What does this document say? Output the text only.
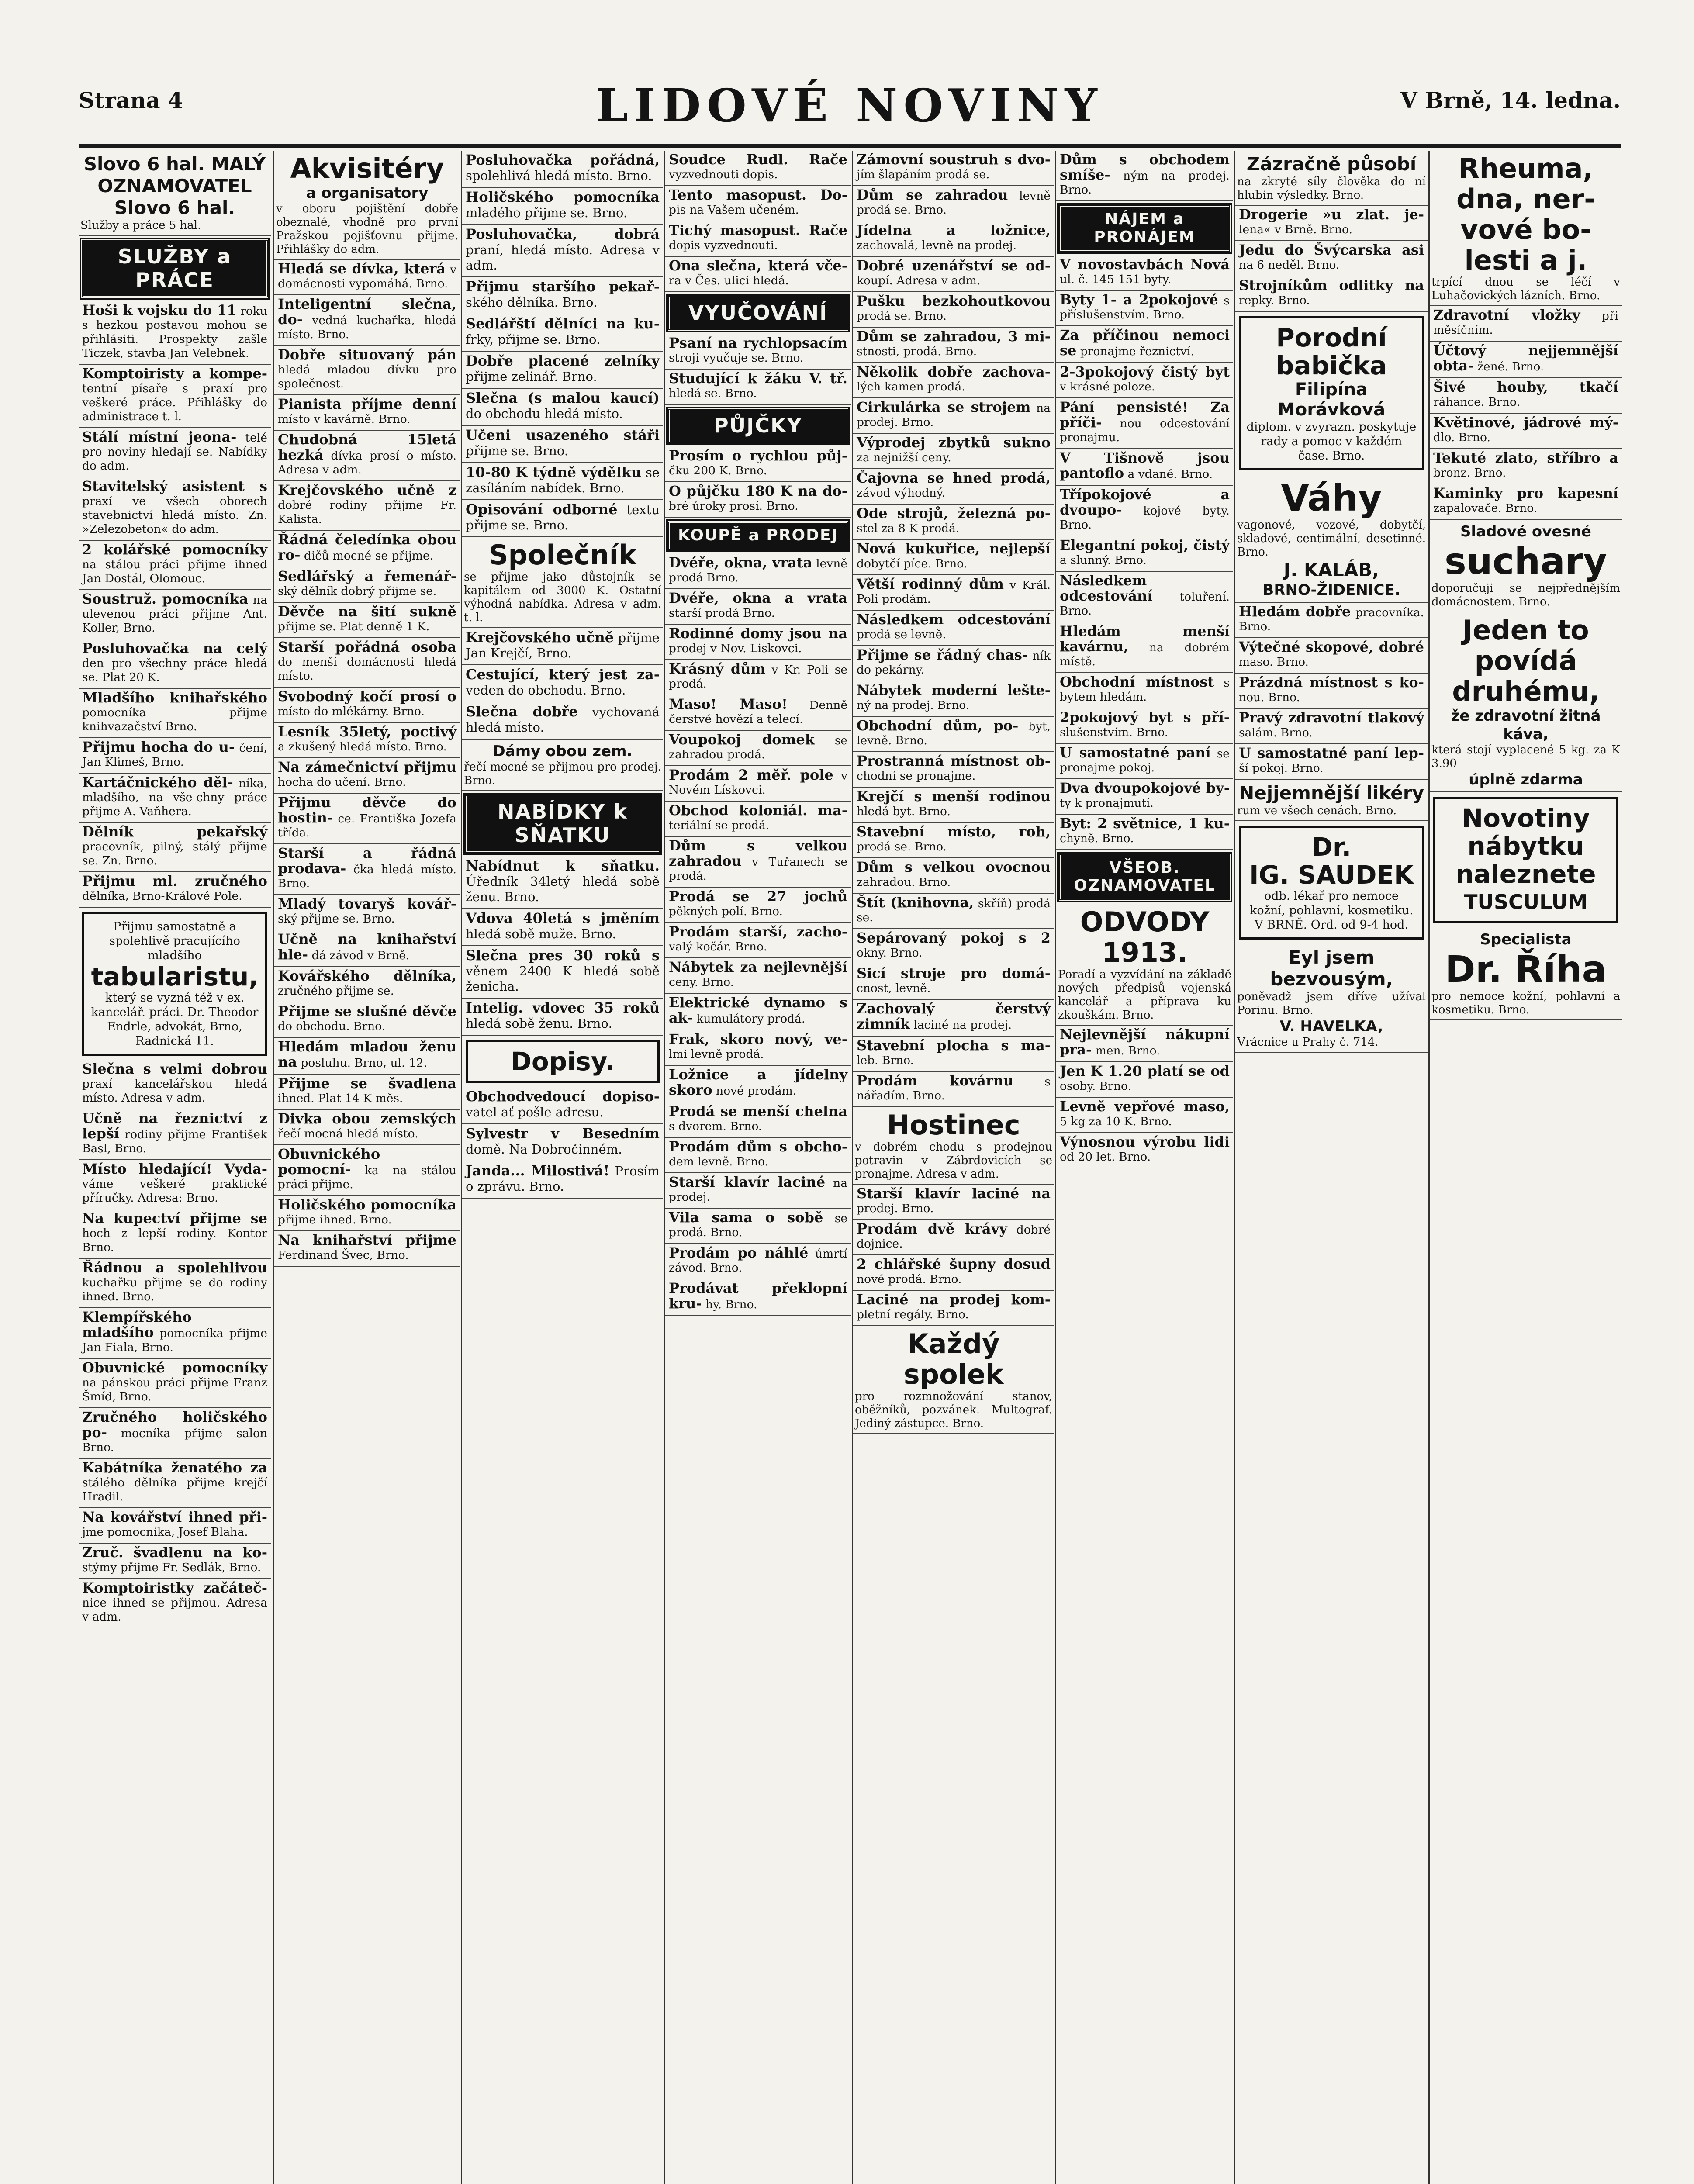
Strana 4	LIDOVÉ NOVINY	V Brně, 14. ledna.
Slovo 6 hal. MALÝ OZNAMOVATEL Slovo 6 hal.
Služby a práce 5 hal.
SLUŽBY a PRÁCE
Hoši k vojsku do 11 roku s hezkou postavou mohou se přihlásiti. Prospekty zašle Ticzek, stavba Jan Velebnek.
Komptoiristy a kompe- tentní písaře s praxí pro veškeré práce. Přihlášky do administrace t. l.
Stálí místní jeona- telé pro noviny hledají se. Nabídky do adm.
Stavitelský asistent s praxí ve všech oborech stavebnictví hledá místo. Zn. »Zelezobeton« do adm.
2 kolářské pomocníky na stálou práci přijme ihned Jan Dostál, Olomouc.
Soustruž. pomocníka na ulevenou práci přijme Ant. Koller, Brno.
Posluhovačka na celý den pro všechny práce hledá se. Plat 20 K.
Mladšího knihařského pomocníka přijme knihvazačství Brno.
Přijmu hocha do u- čení, Jan Klimeš, Brno.
Kartáčnického děl- níka, mladšího, na vše-chny práce přijme A. Vaňhera.
Dělník pekařský pracovník, pilný, stálý přijme se. Zn. Brno.
Přijmu ml. zručného dělníka, Brno-Králové Pole.
Přijmu samostatně a spolehlivě pracujícího mladšího
tabularistu,
který se vyzná též v ex. kancelář. práci. Dr. Theodor Endrle, advokát, Brno, Radnická 11.
Slečna s velmi dobrou praxí kancelářskou hledá místo. Adresa v adm.
Učně na řeznictví z lepší rodiny přijme František Basl, Brno.
Místo hledající! Vyda- váme veškeré praktické příručky. Adresa: Brno.
Na kupectví přijme se hoch z lepší rodiny. Kontor Brno.
Řádnou a spolehlivou kuchařku přijme se do rodiny ihned. Brno.
Klempířského mladšího pomocníka přijme Jan Fiala, Brno.
Obuvnické pomocníky na pánskou práci přijme Franz Šmíd, Brno.
Zručného holičského po- mocníka přijme salon Brno.
Kabátníka ženatého za stálého dělníka přijme krejčí Hradil.
Na kovářství ihned při- jme pomocníka, Josef Blaha.
Zruč. švadlenu na ko- stýmy přijme Fr. Sedlák, Brno.
Komptoiristky začáteč- nice ihned se přijmou. Adresa v adm.
Akvisitéry
a organisatory
v oboru pojištění dobře obeznalé, vhodně pro první Pražskou pojišťovnu přijme. Přihlášky do adm.
Hledá se dívka, která v domácnosti vypomáhá. Brno.
Inteligentní slečna, do- vedná kuchařka, hledá místo. Brno.
Dobře situovaný pán hledá mladou dívku pro společnost.
Pianista příjme denní místo v kavárně. Brno.
Chudobná 15letá hezká dívka prosí o místo. Adresa v adm.
Krejčovského učně z dobré rodiny přijme Fr. Kalista.
Řádná čeledínka obou ro- dičů mocné se přijme.
Sedlářský a řemenář- ský dělník dobrý přijme se.
Děvče na šití sukně přijme se. Plat denně 1 K.
Starší pořádná osoba do menší domácnosti hledá místo.
Svobodný kočí prosí o místo do mlékárny. Brno.
Lesník 35letý, poctivý a zkušený hledá místo. Brno.
Na zámečnictví přijmu hocha do učení. Brno.
Přijmu děvče do hostin- ce. Františka Jozefa třída.
Starší a řádná prodava- čka hledá místo. Brno.
Mladý tovaryš kovář- ský přijme se. Brno.
Učně na knihařství hle- dá závod v Brně.
Kovářského dělníka, zručného přijme se.
Přijme se slušné děvče do obchodu. Brno.
Hledám mladou ženu na posluhu. Brno, ul. 12.
Přijme se švadlena ihned. Plat 14 K měs.
Divka obou zemských řečí mocná hledá místo.
Obuvnického pomocní- ka na stálou práci přijme.
Holičského pomocníka přijme ihned. Brno.
Na knihařství přijme Ferdinand Švec, Brno.
Posluhovačka pořádná, spolehlivá hledá místo. Brno.
Holičského pomocníka mladého přijme se. Brno.
Posluhovačka, dobrá praní, hledá místo. Adresa v adm.
Přijmu staršího pekař- ského dělníka. Brno.
Sedlářští dělníci na ku- frky, přijme se. Brno.
Dobře placené zelníky přijme zelinář. Brno.
Slečna (s malou kaucí) do obchodu hledá místo.
Učeni usazeného stáři přijme se. Brno.
10-80 K týdně výdělku se zasíláním nabídek. Brno.
Opisování odborné textu přijme se. Brno.
Společník
se přijme jako důstojník se kapitálem od 3000 K. Ostatní výhodná nabídka. Adresa v adm. t. l.
Krejčovského učně přijme Jan Krejčí, Brno.
Cestující, který jest za- veden do obchodu. Brno.
Slečna dobře vychovaná hledá místo.
Dámy obou zem.
řečí mocné se přijmou pro prodej. Brno.
NABÍDKY k SŇATKU
Nabídnut k sňatku. Úředník 34letý hledá sobě ženu. Brno.
Vdova 40letá s jměním hledá sobě muže. Brno.
Slečna pres 30 roků s věnem 2400 K hledá sobě ženicha.
Intelig. vdovec 35 roků hledá sobě ženu. Brno.
Dopisy.
Obchodvedoucí dopiso- vatel ať pošle adresu.
Sylvestr v Besedním domě. Na Dobročinném.
Janda... Milostivá! Prosím o zprávu. Brno.
Soudce Rudl. Rače vyzvednouti dopis.
Tento masopust. Do- pis na Vašem učeném.
Tichý masopust. Rače dopis vyzvednouti.
Ona slečna, která vče- ra v Čes. ulici hledá.
VYUČOVÁNÍ
Psaní na rychlopsacím stroji vyučuje se. Brno.
Studující k žáku V. tř. hledá se. Brno.
PŮJČKY
Prosím o rychlou půj- čku 200 K. Brno.
O půjčku 180 K na do- bré úroky prosí. Brno.
KOUPĚ a PRODEJ
Dvéře, okna, vrata levně prodá Brno.
Dvéře, okna a vrata starší prodá Brno.
Rodinné domy jsou na prodej v Nov. Liskovci.
Krásný dům v Kr. Poli se prodá.
Maso! Maso! Denně čerstvé hovězí a telecí.
Voupokoj domek se zahradou prodá.
Prodám 2 měř. pole v Novém Lískovci.
Obchod koloniál. ma- teriální se prodá.
Dům s velkou zahradou v Tuřanech se prodá.
Prodá se 27 jochů pěkných polí. Brno.
Prodám starší, zacho- valý kočár. Brno.
Nábytek za nejlevnější ceny. Brno.
Elektrické dynamo s ak- kumulátory prodá.
Frak, skoro nový, ve- lmi levně prodá.
Ložnice a jídelny skoro nové prodám.
Prodá se menší chelna s dvorem. Brno.
Prodám dům s obcho- dem levně. Brno.
Starší klavír laciné na prodej.
Vila sama o sobě se prodá. Brno.
Prodám po náhlé úmrtí závod. Brno.
Prodávat překlopní kru- hy. Brno.
Zámovní soustruh s dvo- jím šlapáním prodá se.
Dům se zahradou levně prodá se. Brno.
Jídelna a ložnice, zachovalá, levně na prodej.
Dobré uzenářství se od- koupí. Adresa v adm.
Pušku bezkohoutkovou prodá se. Brno.
Dům se zahradou, 3 mi- stnosti, prodá. Brno.
Několik dobře zachova- lých kamen prodá.
Cirkulárka se strojem na prodej. Brno.
Výprodej zbytků sukno za nejnižší ceny.
Čajovna se hned prodá, závod výhodný.
Ode strojů, železná po- stel za 8 K prodá.
Nová kukuřice, nejlepší dobytčí píce. Brno.
Větší rodinný dům v Král. Poli prodám.
Následkem odcestování prodá se levně.
Přijme se řádný chas- ník do pekárny.
Nábytek moderní lešte- ný na prodej. Brno.
Obchodní dům, po- byt, levně. Brno.
Prostranná místnost ob- chodní se pronajme.
Krejčí s menší rodinou hledá byt. Brno.
Stavební místo, roh, prodá se. Brno.
Dům s velkou ovocnou zahradou. Brno.
Štít (knihovna, skříň) prodá se.
Sepárovaný pokoj s 2 okny. Brno.
Sicí stroje pro domá- cnost, levně.
Zachovalý čerstvý zimník laciné na prodej.
Stavební plocha s ma- leb. Brno.
Prodám kovárnu	s nářadím. Brno.
Hostinec
v dobrém chodu s prodejnou potravin v Zábrdovicích se pronajme. Adresa v adm.
Starší klavír laciné na prodej. Brno.
Prodám dvě krávy dobré dojnice.
2 chlářské šupny dosud nové prodá. Brno.
Laciné na prodej kom- pletní regály. Brno.
Každý spolek
pro rozmnožování stanov, oběžníků, pozvánek. Multograf. Jediný zástupce. Brno.
Dům s obchodem smíše- ným na prodej. Brno.
NÁJEM a PRONÁJEM
V novostavbách Nová ul. č. 145-151 byty.
Byty 1- a 2pokojové s příslušenstvím. Brno.
Za příčinou nemoci se pronajme řeznictví.
2-3pokojový čistý byt v krásné poloze.
Pání pensisté! Za příči- nou odcestování pronajmu.
V Tišnově jsou pantoflo a vdané. Brno.
Třípokojové a dvoupo- kojové byty. Brno.
Elegantní pokoj, čistý a slunný. Brno.
Následkem odcestování toluření. Brno.
Hledám menší kavárnu, na dobrém místě.
Obchodní místnost s bytem hledám.
2pokojový byt s pří- slušenstvím. Brno.
U samostatné paní se pronajme pokoj.
Dva dvoupokojové by- ty k pronajmutí.
Byt: 2 světnice, 1 ku- chyně. Brno.
VŠEOB. OZNAMOVATEL
ODVODY 1913.
Poradí a vyzvídání na základě nových předpisů vojenská kancelář a příprava ku zkouškám. Brno.
Nejlevnější nákupní pra- men. Brno.
Jen K 1.20 platí se od osoby. Brno.
Levně vepřové maso, 5 kg za 10 K. Brno.
Výnosnou výrobu lidi od 20 let. Brno.
Zázračně působí
na zkryté síly člověka do ní hlubín výsledky. Brno.
Drogerie »u zlat. je- lena« v Brně. Brno.
Jedu do Švýcarska asi na 6 neděl. Brno.
Strojníkům odlitky na repky. Brno.
Porodní
babička
Filipína Morávková
diplom. v zvyrazn. poskytuje rady a pomoc v každém čase. Brno.
Váhy
vagonové, vozové, dobytčí, skladové, centimální, desetinné. Brno.
J. KALÁB,
BRNO-ŽIDENICE.
Hledám dobře pracovníka. Brno.
Výtečné skopové, dobré maso. Brno.
Prázdná místnost s ko- nou. Brno.
Pravý zdravotní tlakový salám. Brno.
U samostatné paní lep- ší pokoj. Brno.
Nejjemnější likéry
rum ve všech cenách. Brno.
Dr.
IG. SAUDEK
odb. lékař pro nemoce kožní, pohlavní, kosmetiku. V BRNĚ. Ord. od 9-4 hod.
Eyl jsem bezvousým,
poněvadž jsem dříve užíval Porinu. Brno.
V. HAVELKA,
Vrácnice u Prahy č. 714.
Rheuma,
dna, ner-
vové bo-
lesti a j.
trpící dnou se léčí v Luhačovických lázních. Brno.
Zdravotní vložky při měsíčním.
Účtový nejjemnější obta- žené. Brno.
Šivé houby, tkačí ráhance. Brno.
Květinové, jádrové mý- dlo. Brno.
Tekuté zlato, stříbro a bronz. Brno.
Kaminky pro kapesní zapalovače. Brno.
Sladové ovesné
suchary
doporučuji se nejpřednějším domácnostem. Brno.
Jeden to
povídá
druhému,
že zdravotní žitná káva,
která stojí vyplacené 5 kg. za K 3.90
úplně zdarma
Novotiny
nábytku
naleznete
TUSCULUM
Specialista
Dr. Říha
pro nemoce kožní, pohlavní a kosmetiku. Brno.
